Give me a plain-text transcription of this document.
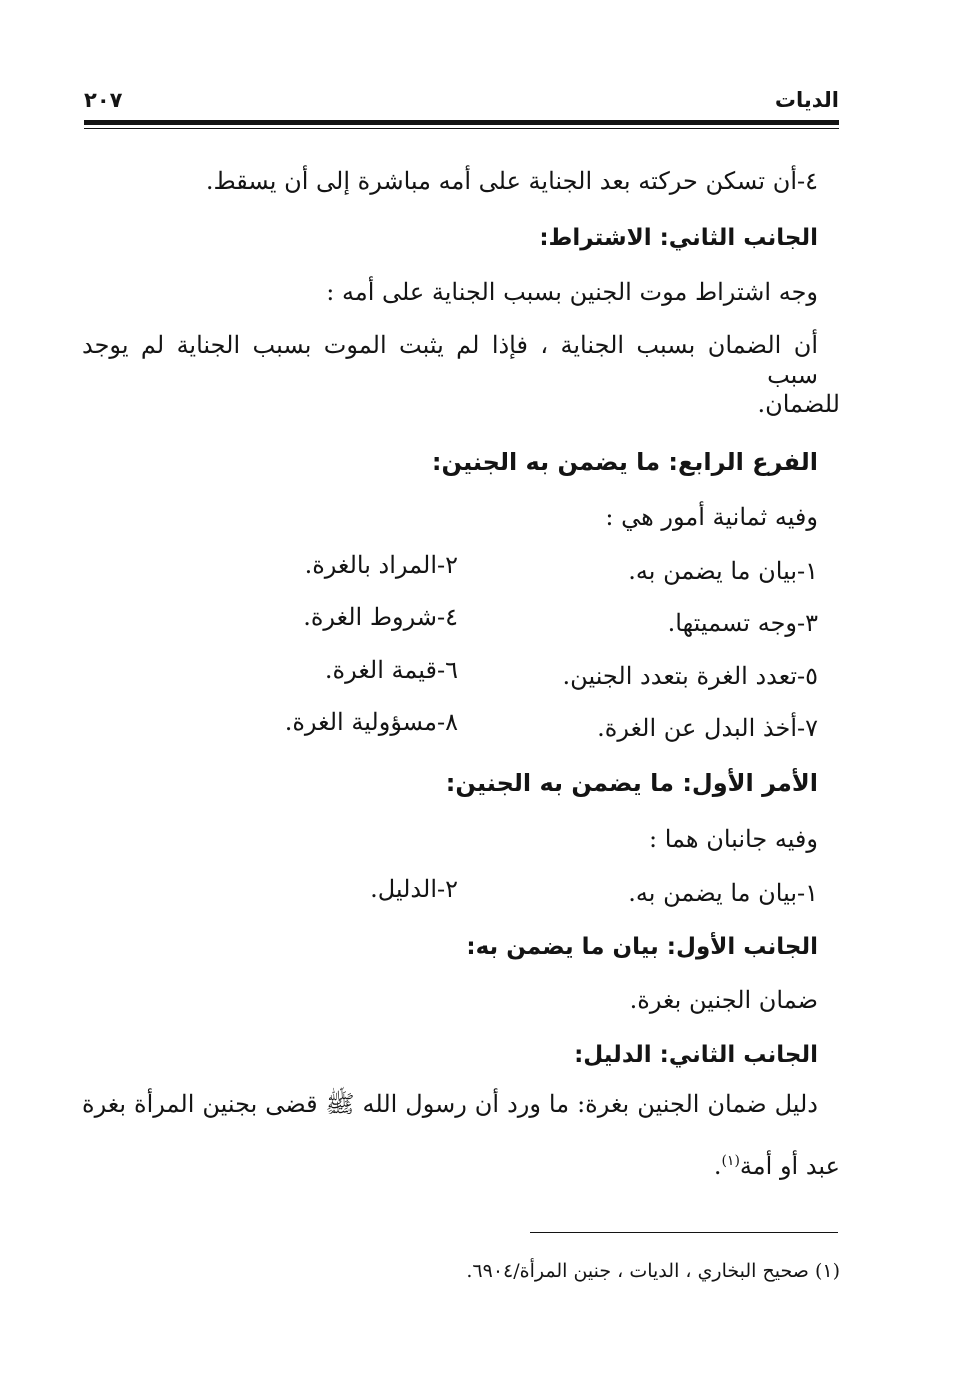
الديات
٢٠٧
٤-أن تسكن حركته بعد الجناية على أمه مباشرة إلى أن يسقط.
الجانب الثاني: الاشتراط:
وجه اشتراط موت الجنين بسبب الجناية على أمه :
أن الضمان بسبب الجناية ، فإذا لم يثبت الموت بسبب الجناية لم يوجد سبب
للضمان.
الفرع الرابع: ما يضمن به الجنين:
وفيه ثمانية أمور هي :
١-بيان ما يضمن به.
٢-المراد بالغرة.
٣-وجه تسميتها.
٤-شروط الغرة.
٥-تعدد الغرة بتعدد الجنين.
٦-قيمة الغرة.
٧-أخذ البدل عن الغرة.
٨-مسؤولية الغرة.
الأمر الأول: ما يضمن به الجنين:
وفيه جانبان هما :
١-بيان ما يضمن به.
٢-الدليل.
الجانب الأول: بيان ما يضمن به:
ضمان الجنين بغرة.
الجانب الثاني: الدليل:
دليل ضمان الجنين بغرة: ما ورد أن رسول الله ﷺ قضى بجنين المرأة بغرة
عبد أو أمة$^{(١)}$.
(١) صحيح البخاري ، الديات ، جنين المرأة/٦٩٠٤.
